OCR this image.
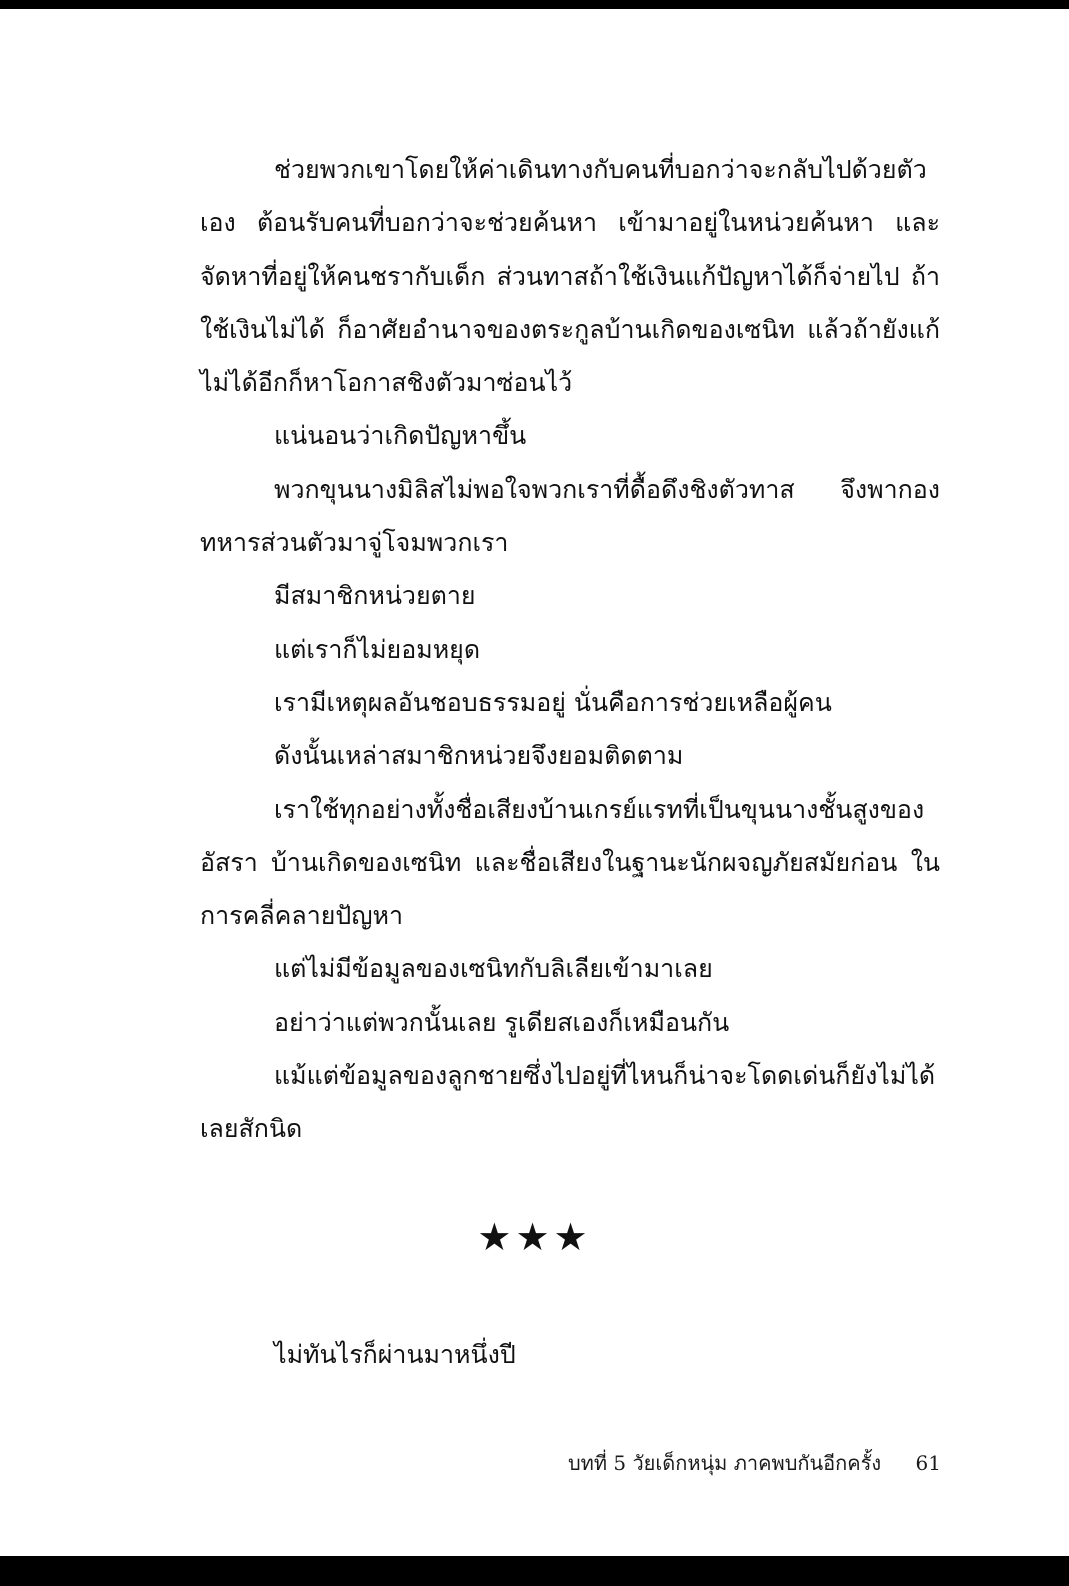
ช่วยพวกเขาโดยให้ค่าเดินทางกับคนที่บอกว่าจะกลับไปด้วยตัวเอง ต้อนรับคนที่บอกว่าจะช่วยค้นหา เข้ามาอยู่ในหน่วยค้นหา และจัดหาที่อยู่ให้คนชรากับเด็ก ส่วนทาสถ้าใช้เงินแก้ปัญหาได้ก็จ่ายไป ถ้าใช้เงินไม่ได้ ก็อาศัยอำนาจของตระกูลบ้านเกิดของเซนิท แล้วถ้ายังแก้ไม่ได้อีกก็หาโอกาสชิงตัวมาซ่อนไว้

แน่นอนว่าเกิดปัญหาขึ้น

พวกขุนนางมิลิสไม่พอใจพวกเราที่ดื้อดึงชิงตัวทาส จึงพากองทหารส่วนตัวมาจู่โจมพวกเรา

มีสมาชิกหน่วยตาย

แต่เราก็ไม่ยอมหยุด

เรามีเหตุผลอันชอบธรรมอยู่ นั่นคือการช่วยเหลือผู้คน

ดังนั้นเหล่าสมาชิกหน่วยจึงยอมติดตาม

เราใช้ทุกอย่างทั้งชื่อเสียงบ้านเกรย์แรทที่เป็นขุนนางชั้นสูงของอัสรา บ้านเกิดของเซนิท และชื่อเสียงในฐานะนักผจญภัยสมัยก่อน ในการคลี่คลายปัญหา

แต่ไม่มีข้อมูลของเซนิทกับลิเลียเข้ามาเลย

อย่าว่าแต่พวกนั้นเลย รูเดียสเองก็เหมือนกัน

แม้แต่ข้อมูลของลูกชายซึ่งไปอยู่ที่ไหนก็น่าจะโดดเด่นก็ยังไม่ได้เลยสักนิด

★★★
ไม่ทันไรก็ผ่านมาหนึ่งปี
บทที่ 5 วัยเด็กหนุ่ม ภาคพบกันอีกครั้ง 61
